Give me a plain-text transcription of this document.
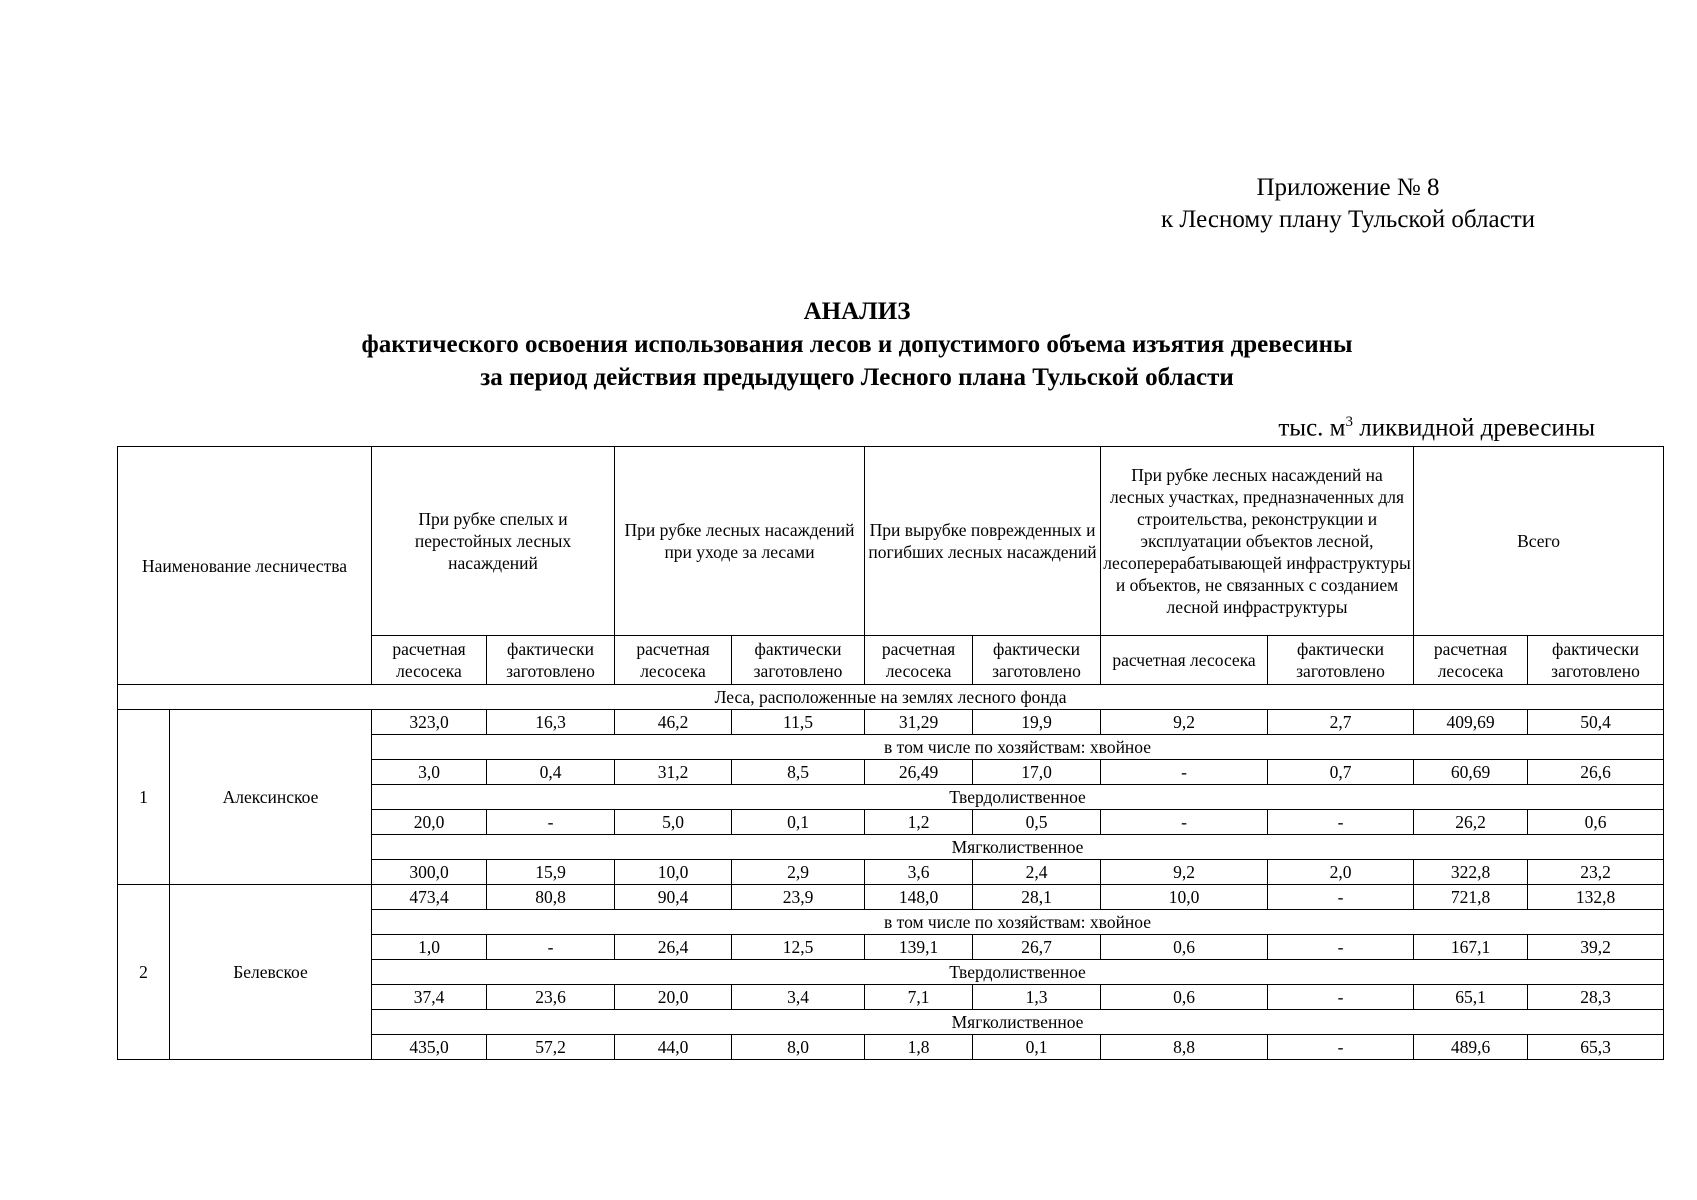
Приложение № 8
к Лесному плану Тульской области
АНАЛИЗ
фактического освоения использования лесов и допустимого объема изъятия древесины
за период действия предыдущего Лесного плана Тульской области
тыс. $м^3$ ликвидной древесины
Наименование лесничества		При рубке спелых и перестойных лесных насаждений		При рубке лесных насаждений при уходе за лесами		При вырубке поврежденных и погибших лесных насаждений		При рубке лесных насаждений на лесных участках, предназначенных для строительства, реконструкции и эксплуатации объектов лесной, лесоперерабатывающей инфраструктуры и объектов, не связанных с созданием лесной инфраструктуры		Всего	
		расчетная лесосека	фактически заготовлено	расчетная лесосека	фактически заготовлено	расчетная лесосека	фактически заготовлено	расчетная лесосека	фактически заготовлено	расчетная лесосека	фактически заготовлено
Леса, расположенные на землях лесного фонда											
1	Алексинское	323,0	16,3	46,2	11,5	31,29	19,9	9,2	2,7	409,69	50,4
		в том числе по хозяйствам: хвойное									
		3,0	0,4	31,2	8,5	26,49	17,0	-	0,7	60,69	26,6
		Твердолиственное									
		20,0	-	5,0	0,1	1,2	0,5	-	-	26,2	0,6
		Мягколиственное									
		300,0	15,9	10,0	2,9	3,6	2,4	9,2	2,0	322,8	23,2
2	Белевское	473,4	80,8	90,4	23,9	148,0	28,1	10,0	-	721,8	132,8
		в том числе по хозяйствам: хвойное									
		1,0	-	26,4	12,5	139,1	26,7	0,6	-	167,1	39,2
		Твердолиственное									
		37,4	23,6	20,0	3,4	7,1	1,3	0,6	-	65,1	28,3
		Мягколиственное									
		435,0	57,2	44,0	8,0	1,8	0,1	8,8	-	489,6	65,3
